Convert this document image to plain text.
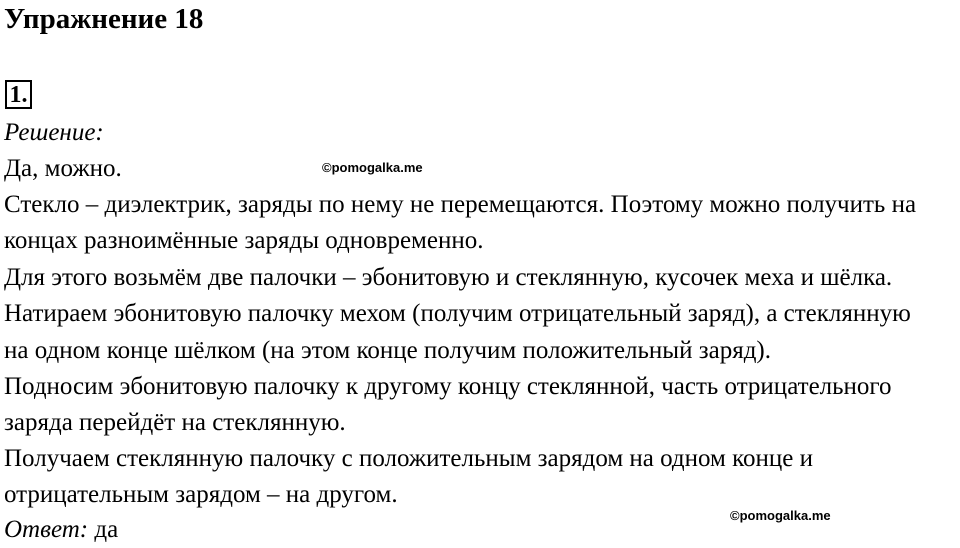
Упражнение 18
1.
Решение:
Да, можно.	©pomogalka.me
Стекло – диэлектрик, заряды по нему не перемещаются. Поэтому можно получить на
концах разноимённые заряды одновременно.
Для этого возьмём две палочки – эбонитовую и стеклянную, кусочек меха и шёлка.
Натираем эбонитовую палочку мехом (получим отрицательный заряд), а стеклянную
на одном конце шёлком (на этом конце получим положительный заряд).
Подносим эбонитовую палочку к другому концу стеклянной, часть отрицательного
заряда перейдёт на стеклянную.
Получаем стеклянную палочку с положительным зарядом на одном конце и
отрицательным зарядом – на другом.
Ответ: да
©pomogalka.me
